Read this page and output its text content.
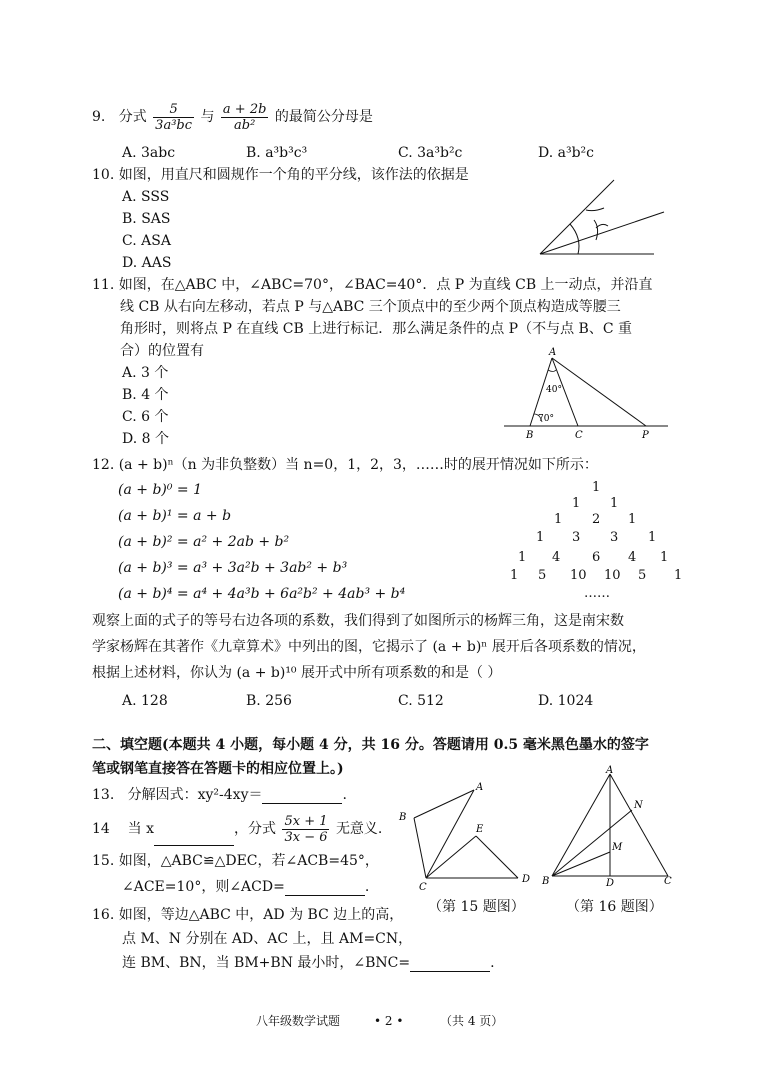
9. 分式 $\frac{5}{\text{3a³bc}}$ 与 $\frac{a + 2b}{\text{ab²}}$ 的最简公分母是
A. 3abc	B. a³b³c³	C. 3a³b²c	D. a³b²c
10. 如图，用直尺和圆规作一个角的平分线，该作法的依据是
A. SSS
B. SAS
C. ASA
D. AAS
11. 如图，在△ABC 中，∠ABC=70°，∠BAC=40°．点 P 为直线 CB 上一动点，并沿直
线 CB 从右向左移动，若点 P 与△ABC 三个顶点中的至少两个顶点构造成等腰三
角形时，则将点 P 在直线 CB 上进行标记．那么满足条件的点 P（不与点 B、C 重
合）的位置有
A. 3 个
B. 4 个
C. 6 个
D. 8 个
A
B	C	P
40°
70°
12. (a + b)ⁿ（n 为非负整数）当 n=0，1，2，3，……时的展开情况如下所示：
(a + b)⁰ = 1
(a + b)¹ = a + b
(a + b)² = a² + 2ab + b²
(a + b)³ = a³ + 3a²b + 3ab² + b³
(a + b)⁴ = a⁴ + 4a³b + 6a²b² + 4ab³ + b⁴
1
1 1
1 2 1
1 3 3 1
1 4 6 4 1
1 5 10 10 5 1
……
观察上面的式子的等号右边各项的系数，我们得到了如图所示的杨辉三角，这是南宋数
学家杨辉在其著作《九章算术》中列出的图，它揭示了 (a + b)ⁿ 展开后各项系数的情况，
根据上述材料，你认为 (a + b)¹⁰ 展开式中所有项系数的和是（ ）
A. 128	B. 256	C. 512	D. 1024
二、填空题(本题共 4 小题，每小题 4 分，共 16 分。答题请用 0.5 毫米黑色墨水的签字
笔或钢笔直接答在答题卡的相应位置上。)
13. 分解因式：xy²-4xy＝	.
14 当 x	，分式 $\frac{5x + 1}{3x - 6}$ 无意义.
15. 如图，△ABC≌△DEC，若∠ACB=45°，
∠ACE=10°，则∠ACD=	.
A
B
C
E
D
（第 15 题图）
16. 如图，等边△ABC 中，AD 为 BC 边上的高，
点 M、N 分别在 AD、AC 上，且 AM=CN，
连 BM、BN，当 BM+BN 最小时，∠BNC=	.
A
B	C
D
M
N
（第 16 题图）
八年级数学试题	• 2 •	（共 4 页）
